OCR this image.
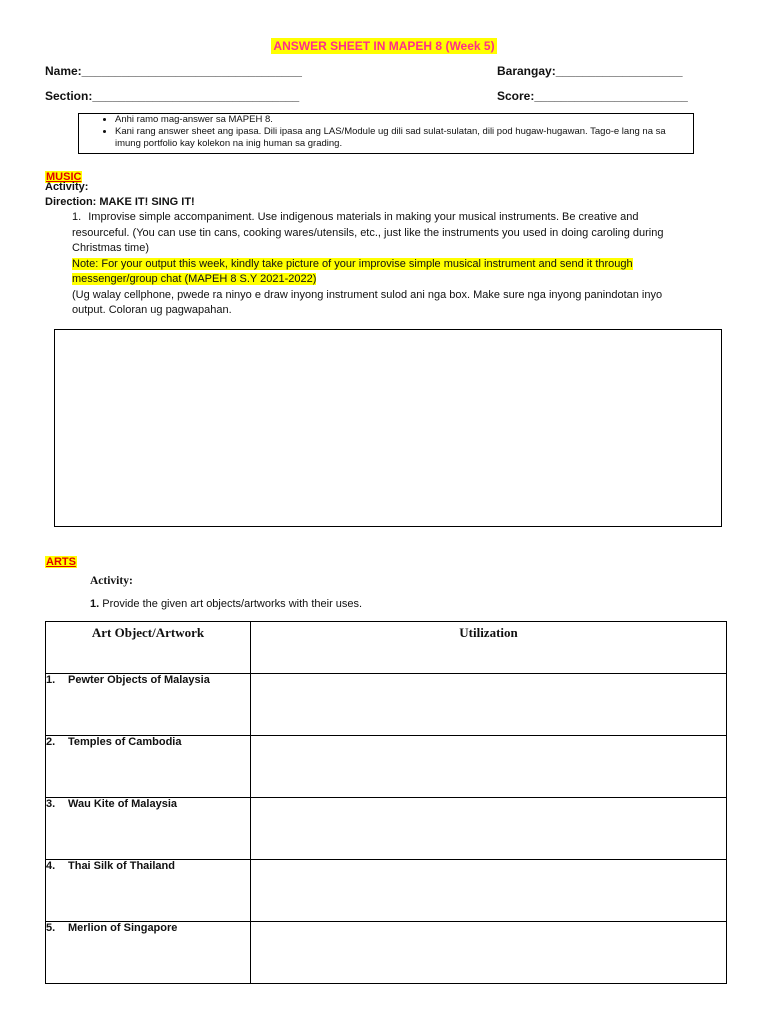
ANSWER SHEET IN MAPEH 8 (Week 5)
Name:_________________________________	Barangay:___________________
Section:_______________________________	Score:_______________________
• Anhi ramo mag-answer sa MAPEH 8.
• Kani rang answer sheet ang ipasa. Dili ipasa ang LAS/Module ug dili sad sulat-sulatan, dili pod hugaw-hugawan. Tago-e lang na sa imung portfolio kay kolekon na inig human sa grading.
MUSIC
Activity:
Direction: MAKE IT! SING IT!
1. Improvise simple accompaniment. Use indigenous materials in making your musical instruments. Be creative and
resourceful. (You can use tin cans, cooking wares/utensils, etc., just like the instruments you used in doing caroling during
Christmas time)
Note: For your output this week, kindly take picture of your improvise simple musical instrument and send it through
messenger/group chat (MAPEH 8 S.Y 2021-2022)
(Ug walay cellphone, pwede ra ninyo e draw inyong instrument sulod ani nga box. Make sure nga inyong panindotan inyo
output. Coloran ug pagwapahan.
ARTS
Activity:
1. Provide the given art objects/artworks with their uses.
Art Object/Artwork	Utilization
1. Pewter Objects of Malaysia	
2. Temples of Cambodia	
3. Wau Kite of Malaysia	
4. Thai Silk of Thailand	
5. Merlion of Singapore	
